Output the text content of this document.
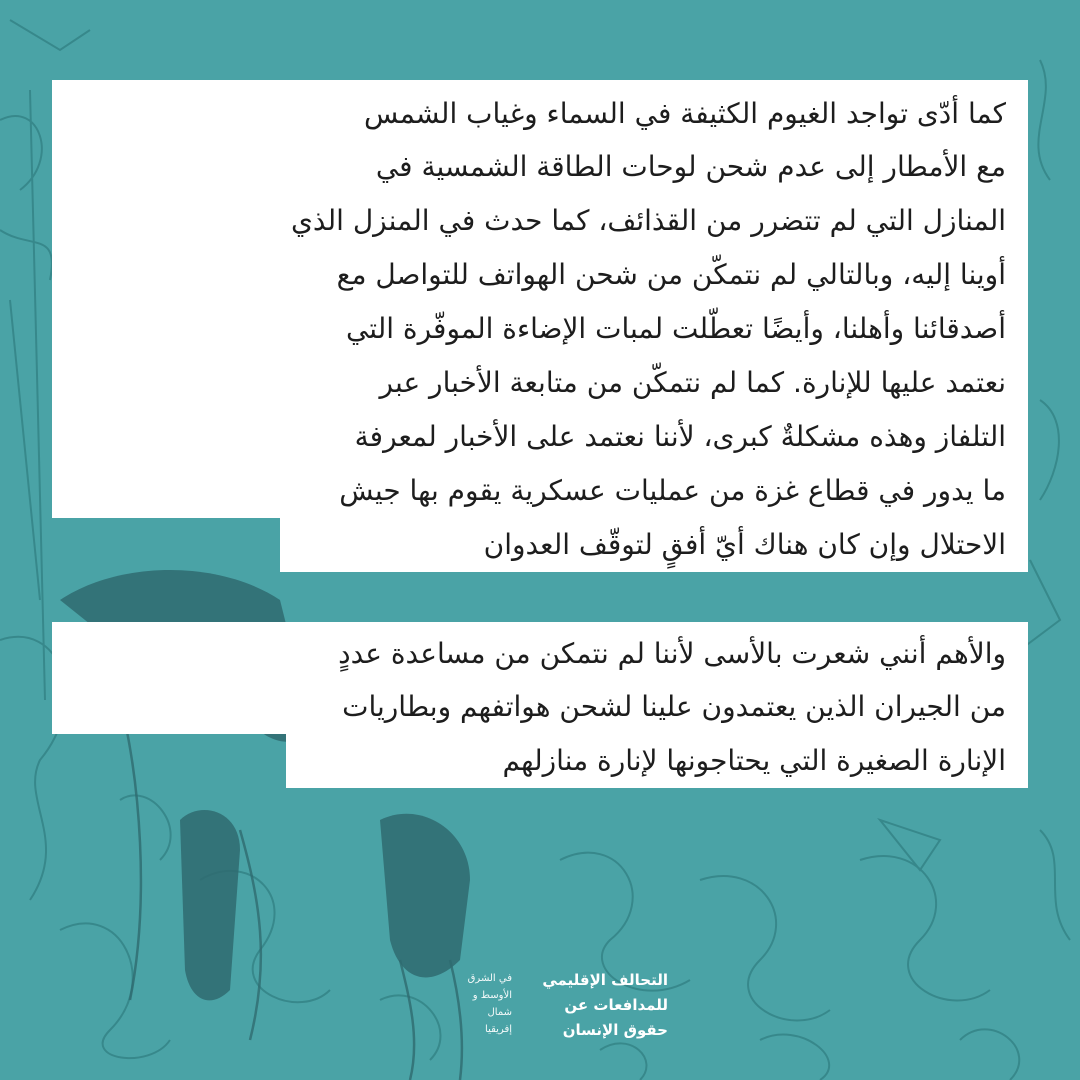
كما أدّى تواجد الغيوم الكثيفة في السماء وغياب الشمس
مع الأمطار إلى عدم شحن لوحات الطاقة الشمسية في
المنازل التي لم تتضرر من القذائف، كما حدث في المنزل الذي
أوينا إليه، وبالتالي لم نتمكّن من شحن الهواتف للتواصل مع
أصدقائنا وأهلنا، وأيضًا تعطّلت لمبات الإضاءة الموفّرة التي
نعتمد عليها للإنارة. كما لم نتمكّن من متابعة الأخبار عبر
التلفاز وهذه مشكلةٌ كبرى، لأننا نعتمد على الأخبار لمعرفة
ما يدور في قطاع غزة من عمليات عسكرية يقوم بها جيش
الاحتلال وإن كان هناك أيّ أفقٍ لتوقّف العدوان
والأهم أنني شعرت بالأسى لأننا لم نتمكن من مساعدة عددٍ
من الجيران الذين يعتمدون علينا لشحن هواتفهم وبطاريات
الإنارة الصغيرة التي يحتاجونها لإنارة منازلهم
التحالف الإقليمي
للمدافعات عن
حقوق الإنسان
في الشرق
الأوسط و
شمال
إفريقيا
